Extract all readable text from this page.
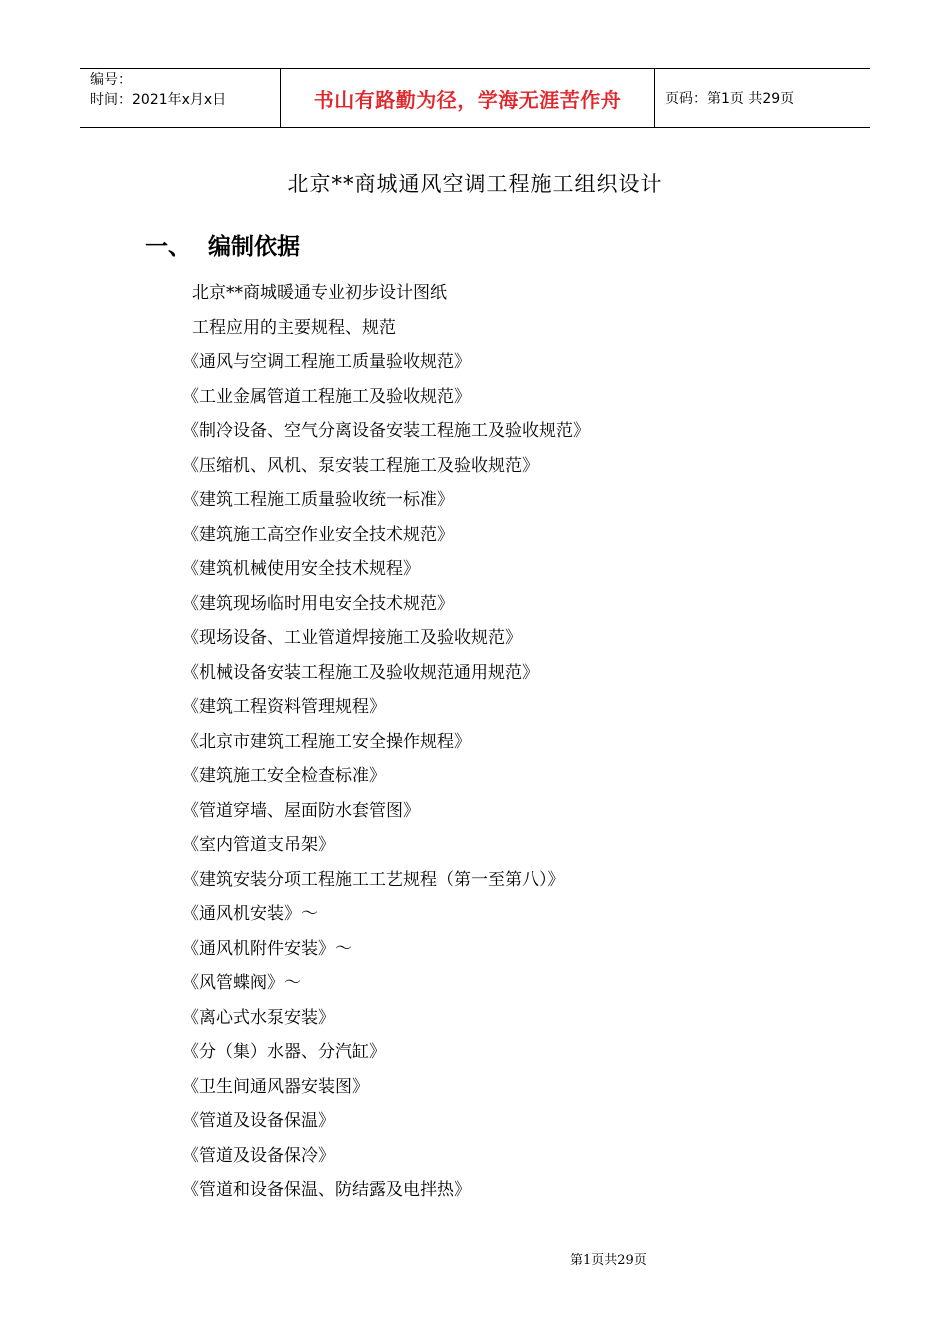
编号：
时间：2021年x月x日	书山有路勤为径，学海无涯苦作舟	页码：第1页 共29页
北京**商城通风空调工程施工组织设计
一、 编制依据
北京**商城暖通专业初步设计图纸
工程应用的主要规程、规范
《通风与空调工程施工质量验收规范》
《工业金属管道工程施工及验收规范》
《制冷设备、空气分离设备安装工程施工及验收规范》
《压缩机、风机、泵安装工程施工及验收规范》
《建筑工程施工质量验收统一标准》
《建筑施工高空作业安全技术规范》
《建筑机械使用安全技术规程》
《建筑现场临时用电安全技术规范》
《现场设备、工业管道焊接施工及验收规范》
《机械设备安装工程施工及验收规范通用规范》
《建筑工程资料管理规程》
《北京市建筑工程施工安全操作规程》
《建筑施工安全检查标准》
《管道穿墙、屋面防水套管图》
《室内管道支吊架》
《建筑安装分项工程施工工艺规程（第一至第八）》
《通风机安装》～
《通风机附件安装》～
《风管蝶阀》～
《离心式水泵安装》
《分（集）水器、分汽缸》
《卫生间通风器安装图》
《管道及设备保温》
《管道及设备保冷》
《管道和设备保温、防结露及电拌热》
第1页共29页
